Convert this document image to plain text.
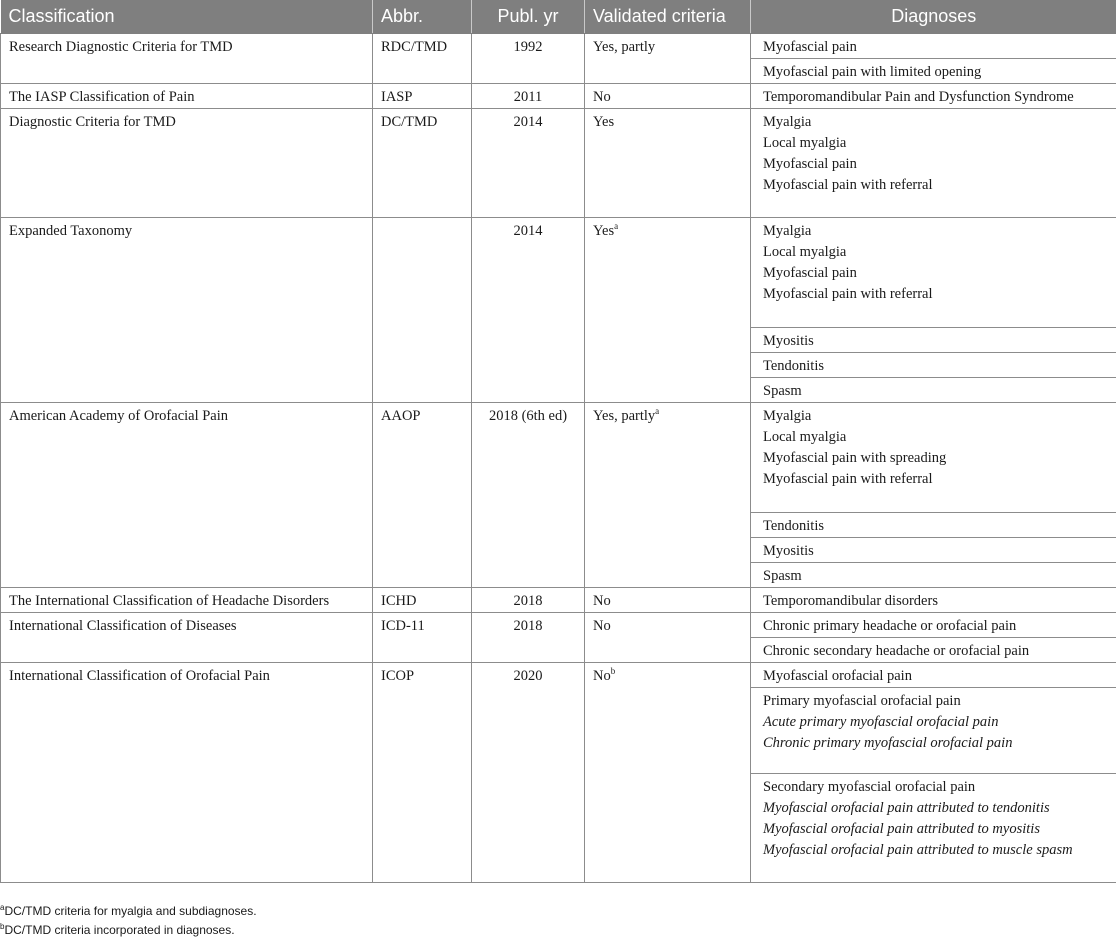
Classification	Abbr.	Publ. yr	Validated criteria	Diagnoses
Research Diagnostic Criteria for TMD	RDC/TMD	1992	Yes, partly	Myofascial pain

				Myofascial pain with limited opening

The IASP Classification of Pain	IASP	2011	No	Temporomandibular Pain and Dysfunction Syndrome

Diagnostic Criteria for TMD	DC/TMD	2014	Yes	Myalgia
Local myalgia
Myofascial pain
Myofascial pain with referral

Expanded Taxonomy		2014	Yes$^a$	Myalgia
Local myalgia
Myofascial pain
Myofascial pain with referral

				Myositis

				Tendonitis

				Spasm

American Academy of Orofacial Pain	AAOP	2018 (6th ed)	Yes, partly$^a$	Myalgia
Local myalgia
Myofascial pain with spreading
Myofascial pain with referral

				Tendonitis

				Myositis

				Spasm

The International Classification of Headache Disorders	ICHD	2018	No	Temporomandibular disorders

International Classification of Diseases	ICD-11	2018	No	Chronic primary headache or orofacial pain

				Chronic secondary headache or orofacial pain

International Classification of Orofacial Pain	ICOP	2020	No$^b$	Myofascial orofacial pain

				Primary myofascial orofacial pain
Acute primary myofascial orofacial pain
Chronic primary myofascial orofacial pain

				Secondary myofascial orofacial pain
Myofascial orofacial pain attributed to tendonitis
Myofascial orofacial pain attributed to myositis
Myofascial orofacial pain attributed to muscle spasm
$^a$DC/TMD criteria for myalgia and subdiagnoses.
$^b$DC/TMD criteria incorporated in diagnoses.
